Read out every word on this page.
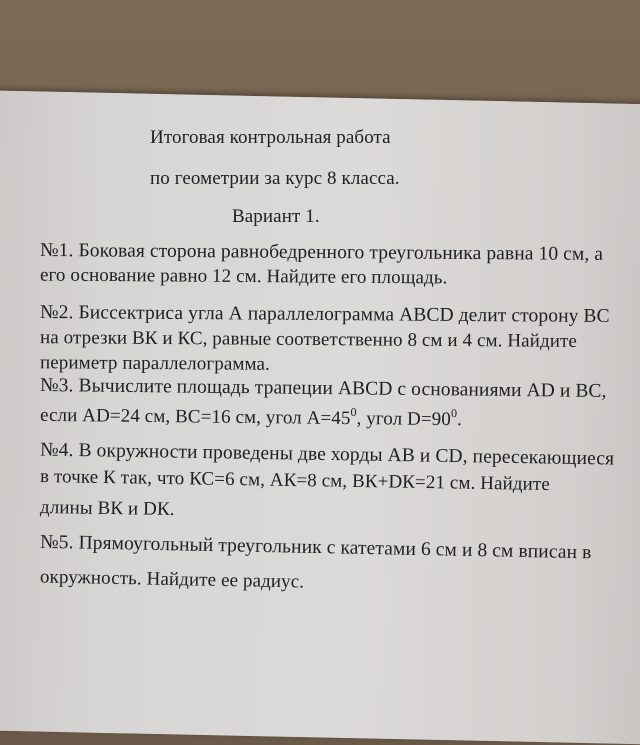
Итоговая контрольная работа
по геометрии за курс 8 класса.
Вариант 1.
№1. Боковая сторона равнобедренного треугольника равна 10 см, а
его основание равно 12 см. Найдите его площадь.
№2. Биссектриса угла А параллелограмма ABCD делит сторону ВС
на отрезки ВК и КС, равные соответственно 8 см и 4 см. Найдите
периметр параллелограмма.
№3. Вычислите площадь трапеции ABCD с основаниями AD и ВС,
если AD=24 см, ВС=16 см, угол $А=45^0$, угол $D=90^0$.
№4. В окружности проведены две хорды АВ и CD, пересекающиеся
в точке К так, что КС=6 см, АК=8 см, ВК+DК=21 см. Найдите
длины ВК и DК.
№5. Прямоугольный треугольник с катетами 6 см и 8 см вписан в
окружность. Найдите ее радиус.
